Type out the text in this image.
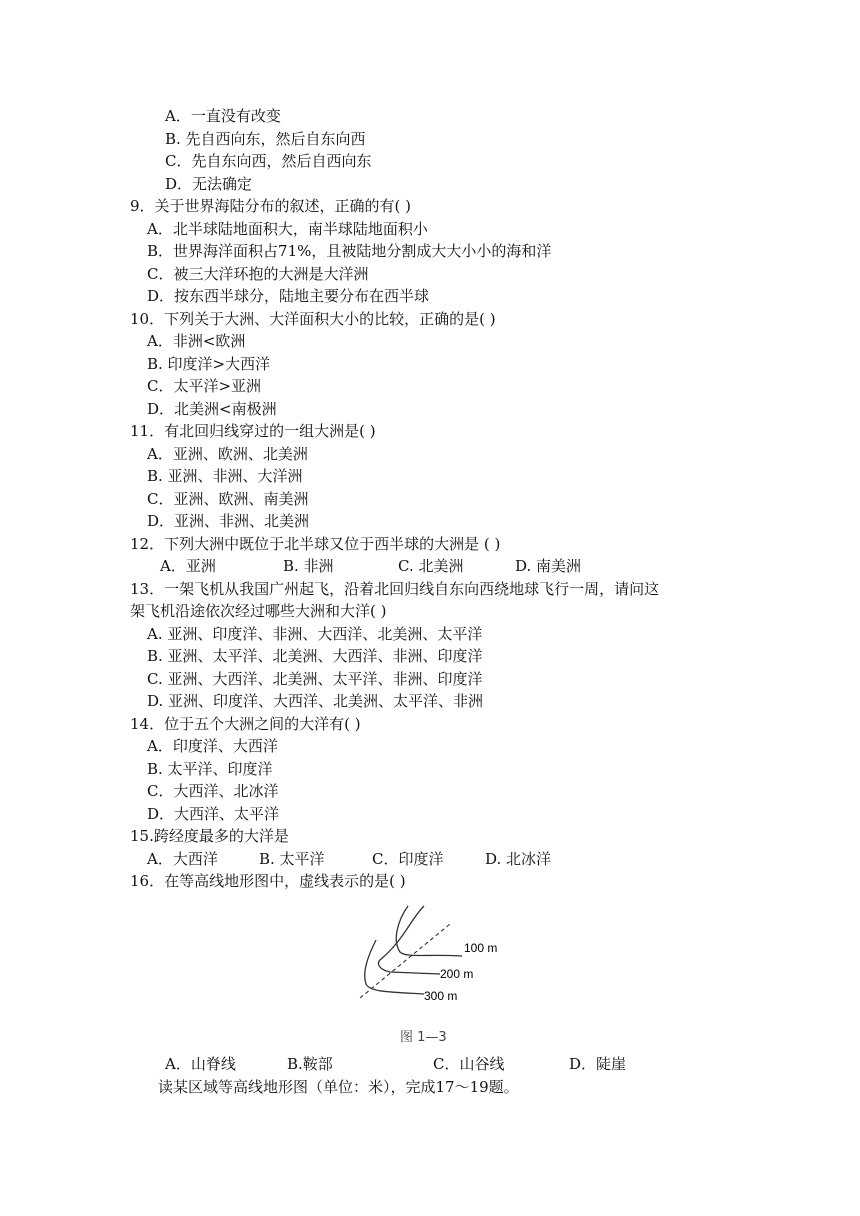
A．一直没有改变
B. 先自西向东，然后自东向西
C．先自东向西，然后自西向东
D．无法确定
9．关于世界海陆分布的叙述，正确的有( )
A．北半球陆地面积大，南半球陆地面积小
B．世界海洋面积占71%，且被陆地分割成大大小小的海和洋
C．被三大洋环抱的大洲是大洋洲
D．按东西半球分，陆地主要分布在西半球
10．下列关于大洲、大洋面积大小的比较，正确的是( )
A．非洲<欧洲
B. 印度洋>大西洋
C．太平洋>亚洲
D．北美洲<南极洲
11．有北回归线穿过的一组大洲是( )
A．亚洲、欧洲、北美洲
B. 亚洲、非洲、大洋洲
C．亚洲、欧洲、南美洲
D．亚洲、非洲、北美洲
12．下列大洲中既位于北半球又位于西半球的大洲是 ( )
A．亚洲	B. 非洲	C. 北美洲	D. 南美洲
13．一架飞机从我国广州起飞，沿着北回归线自东向西绕地球飞行一周，请问这
架飞机沿途依次经过哪些大洲和大洋( )
A. 亚洲、印度洋、非洲、大西洋、北美洲、太平洋
B. 亚洲、太平洋、北美洲、大西洋、非洲、印度洋
C. 亚洲、大西洋、北美洲、太平洋、非洲、印度洋
D. 亚洲、印度洋、大西洋、北美洲、太平洋、非洲
14．位于五个大洲之间的大洋有( )
A．印度洋、大西洋
B. 太平洋、印度洋
C．大西洋、北冰洋
D．大西洋、太平洋
15.跨经度最多的大洋是
A．大西洋	B. 太平洋	C．印度洋	D. 北冰洋
16．在等高线地形图中，虚线表示的是( )
100 m
200 m
300 m
图 1—3
A．山脊线	B.鞍部	C．山谷线	D．陡崖
读某区域等高线地形图（单位：米），完成17～19题。
